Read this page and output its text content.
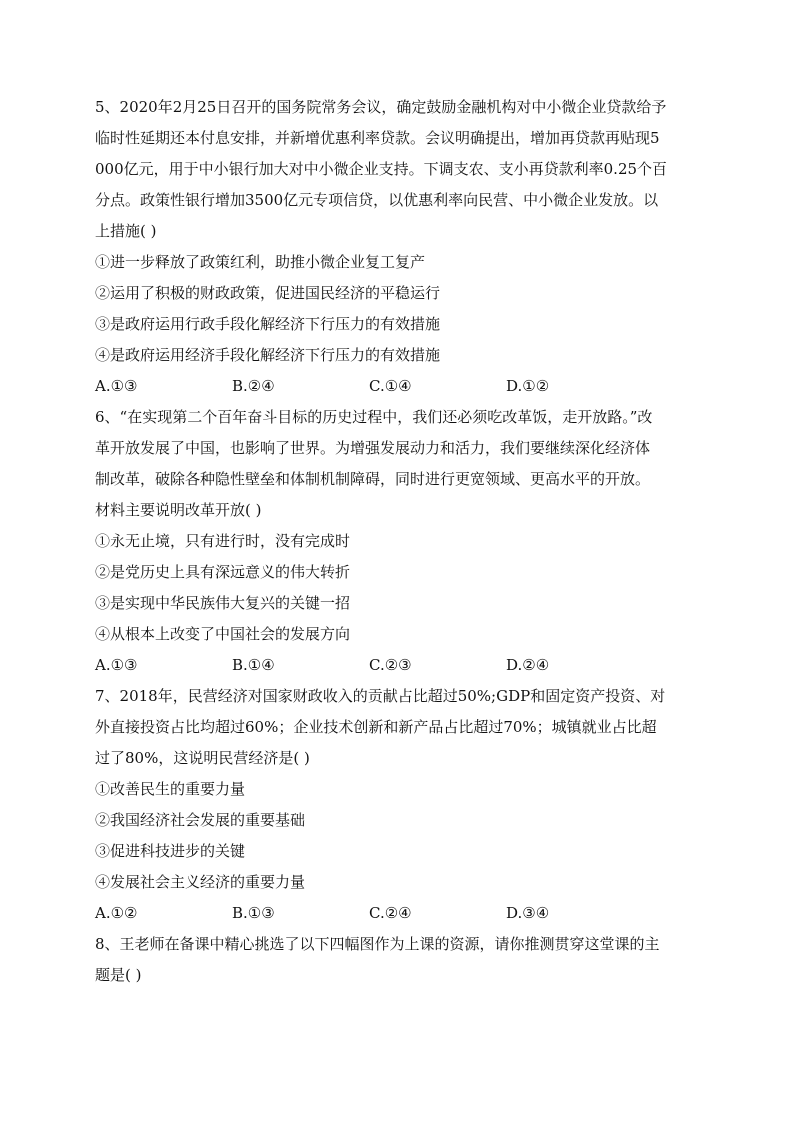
5、2020年2月25日召开的国务院常务会议，确定鼓励金融机构对中小微企业贷款给予
临时性延期还本付息安排，并新增优惠利率贷款。会议明确提出，增加再贷款再贴现5
000亿元，用于中小银行加大对中小微企业支持。下调支农、支小再贷款利率0.25个百
分点。政策性银行增加3500亿元专项信贷，以优惠利率向民营、中小微企业发放。以
上措施( )
①进一步释放了政策红利，助推小微企业复工复产
②运用了积极的财政政策，促进国民经济的平稳运行
③是政府运用行政手段化解经济下行压力的有效措施
④是政府运用经济手段化解经济下行压力的有效措施
A.①③	B.②④	C.①④	D.①②
6、“在实现第二个百年奋斗目标的历史过程中，我们还必须吃改革饭，走开放路。”改
革开放发展了中国，也影响了世界。为增强发展动力和活力，我们要继续深化经济体
制改革，破除各种隐性壁垒和体制机制障碍，同时进行更宽领域、更高水平的开放。
材料主要说明改革开放( )
①永无止境，只有进行时，没有完成时
②是党历史上具有深远意义的伟大转折
③是实现中华民族伟大复兴的关键一招
④从根本上改变了中国社会的发展方向
A.①③	B.①④	C.②③	D.②④
7、2018年，民营经济对国家财政收入的贡献占比超过50%;GDP和固定资产投资、对
外直接投资占比均超过60%；企业技术创新和新产品占比超过70%；城镇就业占比超
过了80%，这说明民营经济是( )
①改善民生的重要力量
②我国经济社会发展的重要基础
③促进科技进步的关键
④发展社会主义经济的重要力量
A.①②	B.①③	C.②④	D.③④
8、王老师在备课中精心挑选了以下四幅图作为上课的资源，请你推测贯穿这堂课的主
题是( )
